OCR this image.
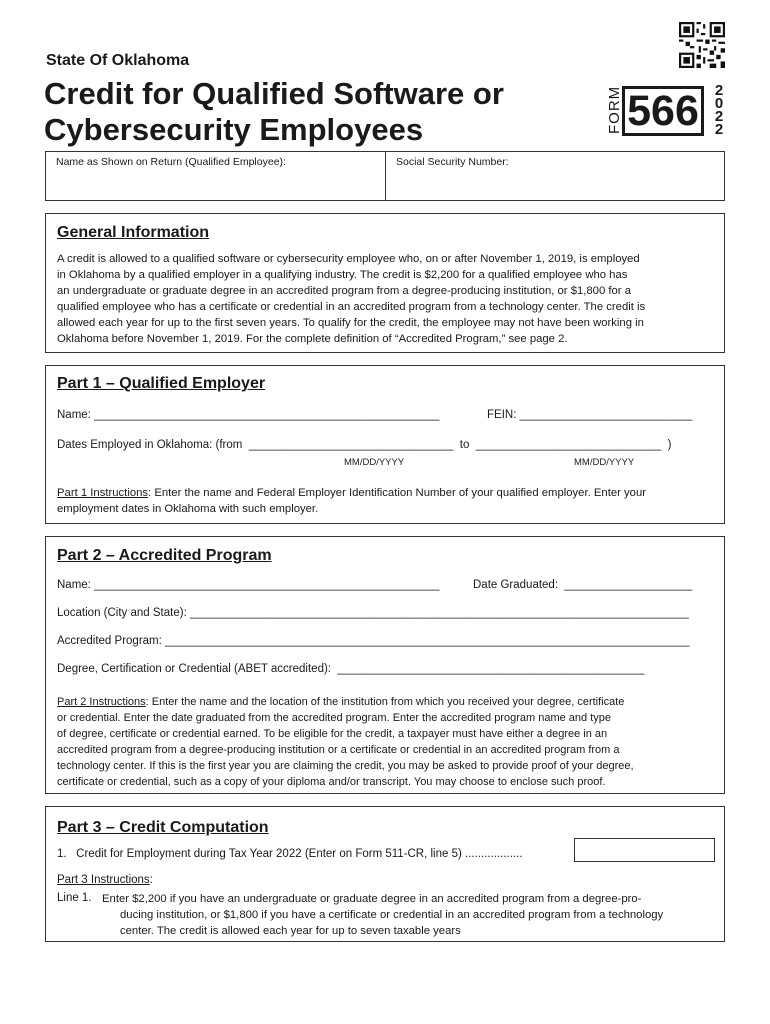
State Of Oklahoma
Credit for Qualified Software or
Cybersecurity Employees	FORM 566	2
0
2
2
Name as Shown on Return (Qualified Employee):	Social Security Number:
General Information
A credit is allowed to a qualified software or cybersecurity employee who, on or after November 1, 2019, is employed
in Oklahoma by a qualified employer in a qualifying industry. The credit is $2,200 for a qualified employee who has
an undergraduate or graduate degree in an accredited program from a degree-producing institution, or $1,800 for a
qualified employee who has a certificate or credential in an accredited program from a technology center. The credit is
allowed each year for up to the first seven years. To qualify for the credit, the employee may not have been working in
Oklahoma before November 1, 2019. For the complete definition of “Accredited Program,” see page 2.
Part 1 – Qualified Employer
Name: ______________________________________________________	FEIN: ___________________________
Dates Employed in Oklahoma: (from  ________________________________  to  _____________________________  )
MM/DD/YYYY	MM/DD/YYYY
Part 1 Instructions: Enter the name and Federal Employer Identification Number of your qualified employer. Enter your
employment dates in Oklahoma with such employer.
Part 2 – Accredited Program
Name: ______________________________________________________	Date Graduated:  ____________________
Location (City and State): ______________________________________________________________________________
Accredited Program: __________________________________________________________________________________
Degree, Certification or Credential (ABET accredited):  ________________________________________________
Part 2 Instructions: Enter the name and the location of the institution from which you received your degree, certificate
or credential. Enter the date graduated from the accredited program. Enter the accredited program name and type
of degree, certificate or credential earned. To be eligible for the credit, a taxpayer must have either a degree in an
accredited program from a degree-producing institution or a certificate or credential in an accredited program from a
technology center. If this is the first year you are claiming the credit, you may be asked to provide proof of your degree,
certificate or credential, such as a copy of your diploma and/or transcript. You may choose to enclose such proof.
Part 3 – Credit Computation
1.   Credit for Employment during Tax Year 2022 (Enter on Form 511-CR, line 5) ..................
Part 3 Instructions:
Line 1. Enter $2,200 if you have an undergraduate or graduate degree in an accredited program from a degree-pro-
ducing institution, or $1,800 if you have a certificate or credential in an accredited program from a technology
center. The credit is allowed each year for up to seven taxable years
